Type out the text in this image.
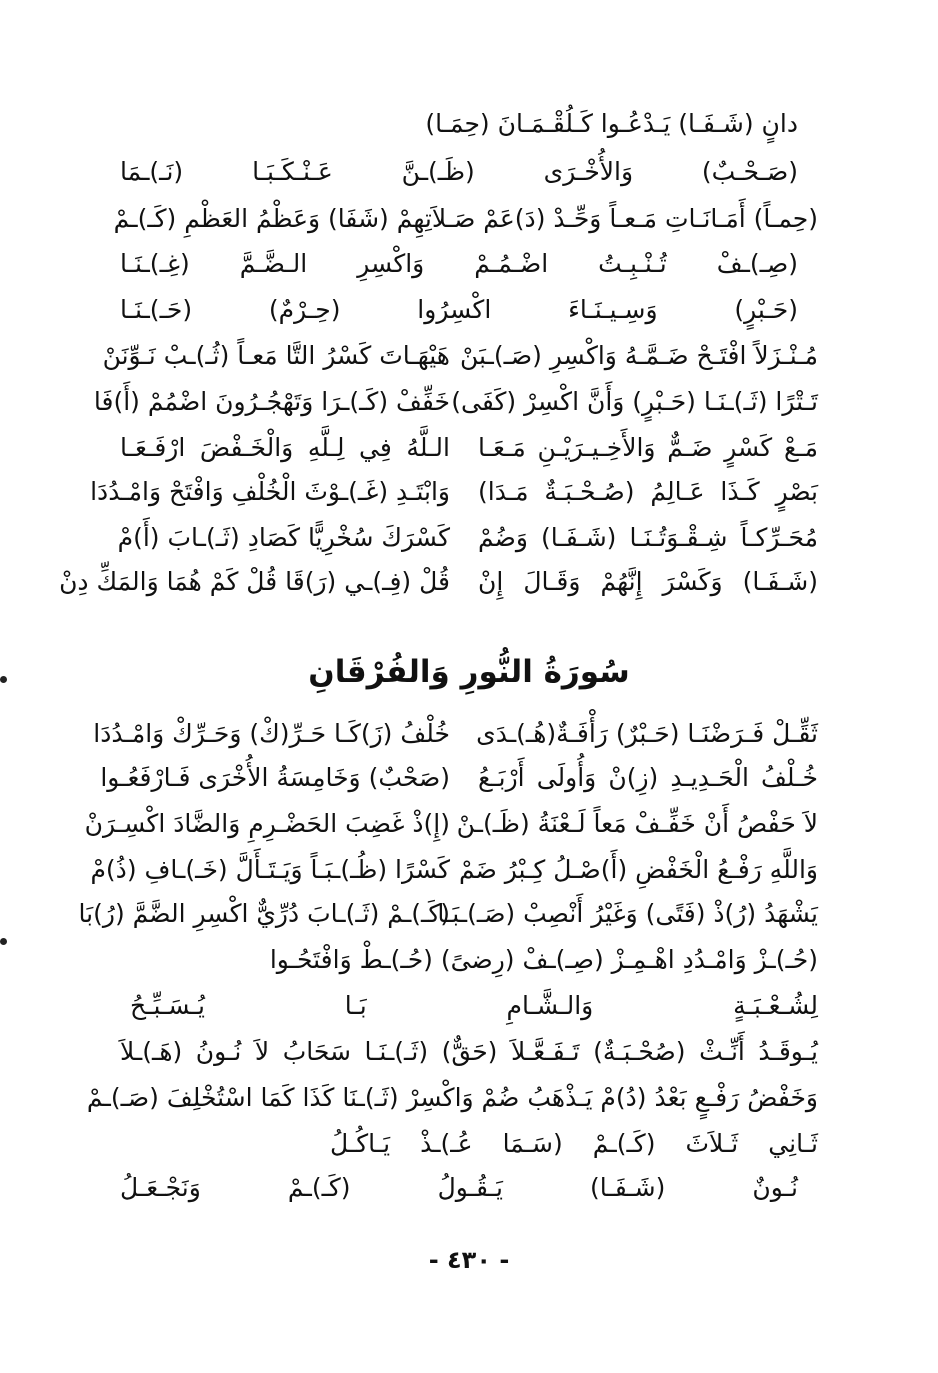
دانٍ (شَـفَـا) يَـدْعُـوا كَـلُقْـمَـانَ (حِمَـا)
(صَـحْـبٌ) وَالأُخْـرَى (ظَـ)ـنَّ عَـنْـكَـبَـا (نَـ)ـمَا
(حِمـاً) أَمَـانَـاتِ مَـعـاً وَحِّـدْ (دَ)عَمْ صَـلاَتِهِمْ (شَفَا) وَعَظْمُ العَظْمِ (كَـ)ـمْ
(صِـ)ـفْ تُـنْـبِـتُ اضْـمُـمْ وَاكْسِرِ الـضَّـمَّ (غِـ)ـنَـا
(حَـبْرٍ) وَسِـيـنَـاءَ اكْسِرُوا (حِـرْمٌ) (حَـ)ـنَـا
مُـنْـزَلاً افْتَـحْ ضَـمَّـهُ وَاكْسِرِ (صَـ)ـبَنْ
هَيْهَـاتَ كَسْرُ التَّا مَعـاً (ثُـ)ـبْ نَـوِّنَنْ
تَـتْرًا (ثَـ)ـنَـا (حَـبْرٍ) وَأَنَّ اكْسِرْ (كَفَى)
خَفِّفْ (كَـ)ـرَا وَتَهْجُـرُونَ اضْمُمْ (أَ)فَا
مَـعْ كَسْرٍ ضَـمٌّ وَالأَخِـيـرَيْـنِ مَـعَـا
الـلَّهُ فِي لِـلَّهِ وَالْخَـفْضَ ارْفَـعَـا
بَصْرٍ كَـذَا عَـالِمُ (صُـحْـبَـةٌ مَـدَا)
وَابْتَـدِ (غَـ)ـوْثَ الْخُلْفِ وَافْتَحْ وَامْـدُدَا
مُحَـرِّكـاً شِـقْـوَتُـنَـا (شَـفَـا) وَضُمْ
كَسْرَكَ سُخْرِيًّا كَصَادِ (ثَـ)ـابَ (أَ)مْ
(شَـفَـا) وَكَسْرَ إِنَّهُمْ وَقَـالَ إِنْ
قُلْ (فِـ)ـي (رَ)قَا قُلْ كَمْ هُمَا وَالمَكِّ دِنْ
سُورَةُ النُّورِ وَالفُرْقَانِ
ثَقِّـلْ فَـرَضْنَـا (حَـبْرٌ) رَأْفَـةٌ(هُـ)ـدَى
خُلْفُ (زَ)كَـا حَـرِّ(كْ) وَحَـرِّكْ وَامْـدُدَا
خُـلْفُ الْحَـدِيـدِ (زِ)نْ وَأُولَى أَرْبَـعُ
(صَحْبٌ) وَخَامِسَةُ الأُخْرَى فَـارْفَعُـوا
لاَ حَفْصُ أَنْ خَفِّـفْ مَعاً لَـعْنَةُ (ظَـ)ـنْ
(إِ)ذْ غَضِبَ الحَضْـرِمِ وَالضَّادَ اكْسِـرَنْ
وَاللَّهِ رَفْـعُ الْخَفْضِ (أَ)صْـلُ كِـبْرُ ضَمْ
كَسْرًا (ظُـ)ـبَـاً وَيَـتَـأَلَّ (خَـ)ـافِ (ذُ)مْ
يَشْهَدُ (رُ)ذْ (فَتًى) وَغَيْرُ أَنْصِبْ (صَـ)ـبَـا
(كَـ)ـمْ (ثَـ)ـابَ دُرِّيٌّ اكْسِرِ الضَّمَّ (رُ)بَا
(حُـ)ـزْ وَامْـدُدِ اهْـمِـزْ (صِـ)ـفْ (رِضىً) (حُـ)ـطْ وَافْتَحُـوا
لِشُـعْـبَـةٍ وَالـشَّـامِ بَـا يُـسَـبِّـحُ
يُـوقَـدُ أَنِّـثْ (صُحْـبَـةٌ) تَـفَـعَّـلاَ (حَقٌّ) (ثَـ)ـنَـا سَحَابُ لاَ نُـونُ (هَـ)ـلاَ
وَخَفْضُ رَفْـعٍ بَعْدُ (دُ)مْ يَـذْهَبُ ضُمْ وَاكْسِرْ (ثَـ)ـنَا كَذَا كَمَا اسْتُخْلِفَ (صَـ)ـمْ
ثَـانِي ثَـلاَثَ (كَـ)ـمْ (سَـمَا عُـ)ـذْ يَـاكُـلُ
نُـونٌ (شَـفَـا) يَـقُـولُ (كَـ)ـمْ وَنَجْـعَـلُ
- ٤٣٠ -
